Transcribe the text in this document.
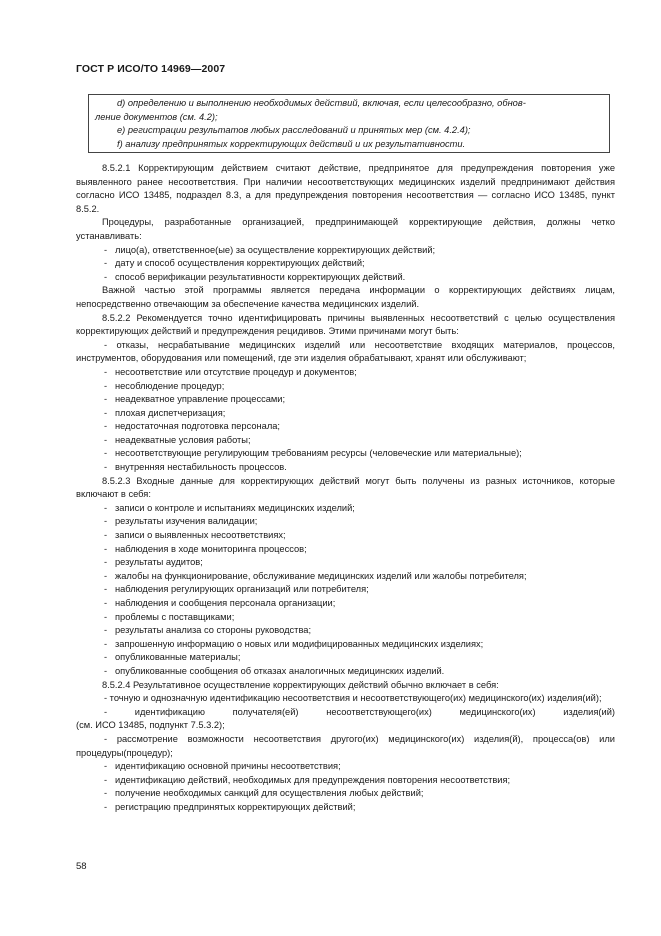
ГОСТ Р ИСО/ТО 14969—2007
d) определению и выполнению необходимых действий, включая, если целесообразно, обнов-
ление документов (см. 4.2);
e) регистрации результатов любых расследований и принятых мер (см. 4.2.4);
f) анализу предпринятых корректирующих действий и их результативности.

8.5.2.1 Корректирующим действием считают действие, предпринятое для предупреждения повторения уже выявленного ранее несоответствия. При наличии несоответствующих медицинских изделий предпринимают действия согласно ИСО 13485, подраздел 8.3, а для предупреждения повторения несоответствия — согласно ИСО 13485, пункт 8.5.2.

Процедуры, разработанные организацией, предпринимающей корректирующие действия, должны четко устанавливать:

- лицо(а), ответственное(ые) за осуществление корректирующих действий;

- дату и способ осуществления корректирующих действий;

- способ верификации результативности корректирующих действий.

Важной частью этой программы является передача информации о корректирующих действиях лицам, непосредственно отвечающим за обеспечение качества медицинских изделий.

8.5.2.2 Рекомендуется точно идентифицировать причины выявленных несоответствий с целью осуществления корректирующих действий и предупреждения рецидивов. Этими причинами могут быть:

- отказы, несрабатывание медицинских изделий или несоответствие входящих материалов, процессов, инструментов, оборудования или помещений, где эти изделия обрабатывают, хранят или обслуживают;

- несоответствие или отсутствие процедур и документов;

- несоблюдение процедур;

- неадекватное управление процессами;

- плохая диспетчеризация;

- недостаточная подготовка персонала;

- неадекватные условия работы;

- несоответствующие регулирующим требованиям ресурсы (человеческие или материальные);

- внутренняя нестабильность процессов.

8.5.2.3 Входные данные для корректирующих действий могут быть получены из разных источников, которые включают в себя:

- записи о контроле и испытаниях медицинских изделий;

- результаты изучения валидации;

- записи о выявленных несоответствиях;

- наблюдения в ходе мониторинга процессов;

- результаты аудитов;

- жалобы на функционирование, обслуживание медицинских изделий или жалобы потребителя;

- наблюдения регулирующих организаций или потребителя;

- наблюдения и сообщения персонала организации;

- проблемы с поставщиками;

- результаты анализа со стороны руководства;

- запрошенную информацию о новых или модифицированных медицинских изделиях;

- опубликованные материалы;

- опубликованные сообщения об отказах аналогичных медицинских изделий.

8.5.2.4 Результативное осуществление корректирующих действий обычно включает в себя:

- точную и однозначную идентификацию несоответствия и несоответствующего(их) медицинского(их) изделия(ий);

- идентификацию получателя(ей) несоответствующего(их) медицинского(их) изделия(ий)

(см. ИСО 13485, подпункт 7.5.3.2);

- рассмотрение возможности несоответствия другого(их) медицинского(их) изделия(й), процесса(ов) или процедуры(процедур);

- идентификацию основной причины несоответствия;

- идентификацию действий, необходимых для предупреждения повторения несоответствия;

- получение необходимых санкций для осуществления любых действий;

- регистрацию предпринятых корректирующих действий;

58
